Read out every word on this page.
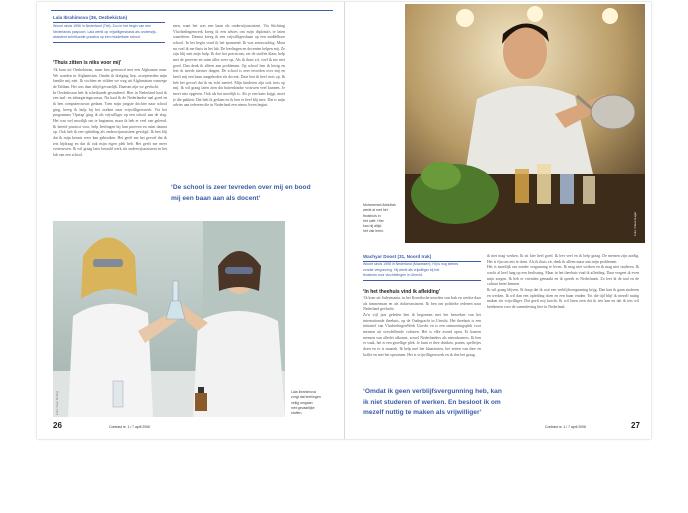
Lala Ibrahimova (36, Oezbekistan)
Woont sinds 1996 in Nederland (Tiel). Zou in het begin van een
Nederlands paspoort. Lala werkt op vrijwilligersbasis als onderwijs-
assistent scheikunde-practica op een middelbare school.
‘Thuis zitten is niks voor mij’
‘Ik kom uit Oezbekistan, maar ben getrouwd met een Afghaanse man. We wonden in Afghanistan. Omdat ik dreiging liep, accepteerden mijn familie mij niet. Ik vochten en wilden we weg uit Afghanistan vanwege de Taliban. Het was daar altijd gevaarlijk. Daarom zijn we gevlucht.
In Oezbekistan heb ik scheikunde gestudeerd. Hier in Nederland haal ik een taal- en inburgeringscursus. Nu haal ik de Nederlandse taal goed en ik ben computercursus gedaan. Toen mijn jongste dochter naar school ging, kreeg ik hulp bij het zoeken naar vrijwilligerswerk. Via het programma 'Opstap' ging ik als vrijwilliger op een school aan de slag. Het was wel moeilijk om te beginnen, maar ik heb er veel van geleerd. Ik bereid practica voor, help leerlingen bij hun proeven en ruim daarna op. Ook heb ik een opleiding als onderwijsassistent gevolgd. Ik ben blij dat ik mijn kennis weer kan gebruiken. Het geeft me het gevoel dat ik iets bijdraag en dat ik ook mijn eigen plek heb. Het geeft me meer vertrouwen. Ik wil graag later betaald werk als onderwijsassistent in het lab van een school.
men, want het was een baan als onderwijsassistent. Via Stichting Vluchtelingenwerk kreeg ik een advies om mijn diploma's te laten waarderen. Daarna kreeg ik een vrijwilligersbaan op een middelbare school. In het begin vond ik het spannend. Ik was zenuwachtig. Maar nu voel ik me thuis in het lab. De leerlingen en docenten helpen mij. Ze zijn blij met mijn hulp. Ik doe het practicum, zet de stoffen klaar, help met de proeven en ruim alles weer op. Als ik thuis zit, voel ik me niet goed. Dan denk ik alleen aan problemen. Op school ben ik bezig en leer ik steeds nieuwe dingen. De school is zeer tevreden over mij en heeft mij een baan aangeboden als docent. Daar ben ik heel trots op. Ik heb het gevoel dat ik nu echt meetel. Mijn kinderen zijn ook trots op mij. Ik wil graag laten zien dat buitenlandse vrouwen veel kunnen. Je moet niet opgeven. Ook als het moeilijk is. Als je een kans krijgt, moet je die pakken. Dat heb ik gedaan en ik ben er heel blij mee. Dat is mijn advies aan iedereen die in Nederland een nieuw leven begint.
‘De school is zeer tevreden over mij en bood
mij een baan aan als docent’
Foto: Noor Rohrig	Lala Ibrahimova
zorgt dat leerlingen
veilig omgaan
met gevaarlijke
stoffen.
26	Contrast nr. 1 / 7 april 2006
Mohammed Abdullah
werkt al met het
thuishuis in
het café. Hier
kan hij altijd
het vak leren.	Foto: Claus Hagel
Wachyar Doost (31, Noord Irak)
Woont sinds 1998 in Nederland (Maarssen). Hij is nog steeds
zonder vergunning. Hij werkt als vrijwilliger bij het
thuishuis voor vluchtelingen in Utrecht.
‘In het theehuis vind ik afleiding’
‘Ik kom uit Suleymania, in het Koerdische noorden van Irak en werkte daar als timmerman en als dokterassistent. Ik ben om politieke redenen naar Nederland gevlucht.
Zo'n vijf jaar geleden ben ik begonnen met het bezoeken van het internationale theehuis, op de Oudegracht in Utrecht. Het theehuis is een initiatief van VluchtelingenWerk Utrecht en is een ontmoetingsplek voor mensen uit verschillende culturen. Het is elke avond open. Er komen mensen van allerlei afkomst, zowel Nederlanders als nieuwkomers. Ik ben er vaak, het is een gezellige plek. Je kunt er thee drinken, praten, spelletjes doen en er is muziek. Ik help met het klaarzetten, het zetten van thee en koffie en met het opruimen. Het is vrijwilligerswerk en ik doe het graag.
ik niet mag werken. Ik zit hier heel goed. Ik leer veel en ik help graag. De mensen zijn aardig. Het is fijn om iets te doen. Als ik thuis zit, denk ik alleen maar aan mijn problemen.
Het is moeilijk om zonder vergunning te leven. Ik mag niet werken en ik mag niet studeren. Ik wacht al heel lang op een beslissing. Maar in het theehuis vind ik afleiding. Daar vergeet ik even mijn zorgen. Ik heb er vrienden gemaakt en ik spreek er Nederlands. Zo leer ik de taal en de cultuur beter kennen.
Ik wil graag blijven. Ik hoop dat ik ooit een verblijfsvergunning krijg. Dan kan ik gaan studeren en werken. Ik wil dan een opleiding doen en een baan vinden. Tot die tijd blijf ik mezelf nuttig maken als vrijwilliger. Dat geeft mij kracht. Ik wil laten zien dat ik iets kan en dat ik iets wil betekenen voor de samenleving hier in Nederland.
‘Omdat ik geen verblijfsvergunning heb, kan
ik niet studeren of werken. En besloot ik om
mezelf nuttig te maken als vrijwilliger’
Contrast nr. 1 / 7 april 2006	27
